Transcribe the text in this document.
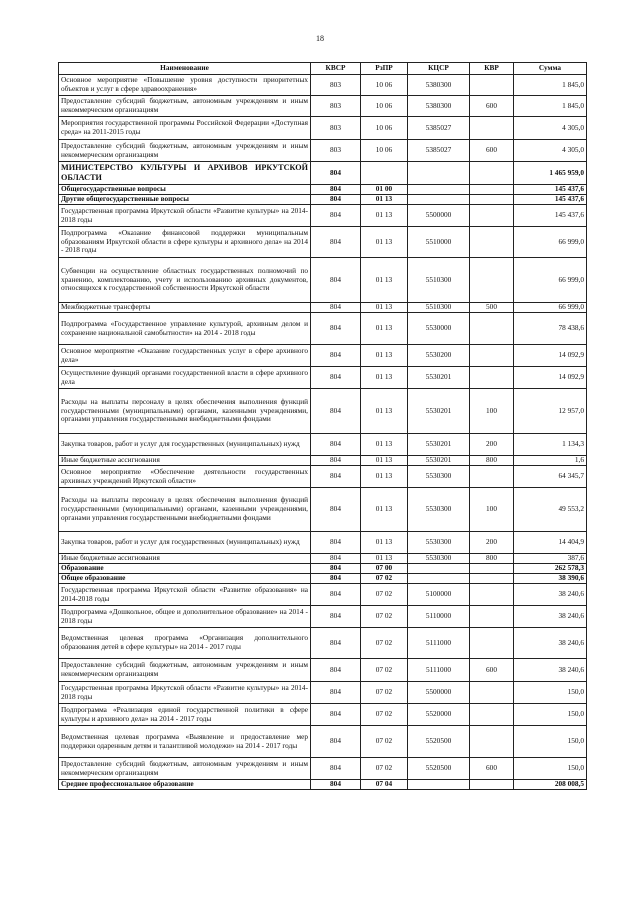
18
Наименование	КВСР	РзПР	КЦСР	КВР	Сумма
Основное мероприятие «Повышение уровня доступности приоритетных объектов и услуг в сфере здравоохранения»	803	10 06	5380300		1 845,0
Предоставление субсидий бюджетным, автономным учреждениям и иным некоммерческим организациям	803	10 06	5380300	600	1 845,0
Мероприятия государственной программы Российской Федерации «Доступная среда» на 2011-2015 годы	803	10 06	5385027		4 305,0
Предоставление субсидий бюджетным, автономным учреждениям и иным некоммерческим организациям	803	10 06	5385027	600	4 305,0
МИНИСТЕРСТВО КУЛЬТУРЫ И АРХИВОВ ИРКУТСКОЙ ОБЛАСТИ	804				1 465 959,0
Общегосударственные вопросы	804	01 00			145 437,6
Другие общегосударственные вопросы	804	01 13			145 437,6
Государственная программа Иркутской области «Развитие культуры» на 2014-2018 годы	804	01 13	5500000		145 437,6
Подпрограмма «Оказание финансовой поддержки муниципальным образованиям Иркутской области в сфере культуры и архивного дела» на 2014 - 2018 годы	804	01 13	5510000		66 999,0
Субвенции на осуществление областных государственных полномочий по хранению, комплектованию, учету и использованию архивных документов, относящихся к государственной собственности Иркутской области	804	01 13	5510300		66 999,0
Межбюджетные трансферты	804	01 13	5510300	500	66 999,0
Подпрограмма «Государственное управление культурой, архивным делом и сохранение национальной самобытности» на 2014 - 2018 годы	804	01 13	5530000		78 438,6
Основное мероприятие «Оказание государственных услуг в сфере архивного дела»	804	01 13	5530200		14 092,9
Осуществление функций органами государственной власти в сфере архивного дела	804	01 13	5530201		14 092,9
Расходы на выплаты персоналу в целях обеспечения выполнения функций государственными (муниципальными) органами, казенными учреждениями, органами управления государственными внебюджетными фондами	804	01 13	5530201	100	12 957,0
Закупка товаров, работ и услуг для государственных (муниципальных) нужд	804	01 13	5530201	200	1 134,3
Иные бюджетные ассигнования	804	01 13	5530201	800	1,6
Основное мероприятие «Обеспечение деятельности государственных архивных учреждений Иркутской области»	804	01 13	5530300		64 345,7
Расходы на выплаты персоналу в целях обеспечения выполнения функций государственными (муниципальными) органами, казенными учреждениями, органами управления государственными внебюджетными фондами	804	01 13	5530300	100	49 553,2
Закупка товаров, работ и услуг для государственных (муниципальных) нужд	804	01 13	5530300	200	14 404,9
Иные бюджетные ассигнования	804	01 13	5530300	800	387,6
Образование	804	07 00			262 578,3
Общее образование	804	07 02			38 390,6
Государственная программа Иркутской области «Развитие образования» на 2014-2018 годы	804	07 02	5100000		38 240,6
Подпрограмма «Дошкольное, общее и дополнительное образование» на 2014 - 2018 годы	804	07 02	5110000		38 240,6
Ведомственная целевая программа «Организация дополнительного образования детей в сфере культуры» на 2014 - 2017 годы	804	07 02	5111000		38 240,6
Предоставление субсидий бюджетным, автономным учреждениям и иным некоммерческим организациям	804	07 02	5111000	600	38 240,6
Государственная программа Иркутской области «Развитие культуры» на 2014-2018 годы	804	07 02	5500000		150,0
Подпрограмма «Реализация единой государственной политики в сфере культуры и архивного дела» на 2014 - 2017 годы	804	07 02	5520000		150,0
Ведомственная целевая программа «Выявление и предоставление мер поддержки одаренным детям и талантливой молодежи» на 2014 - 2017 годы	804	07 02	5520500		150,0
Предоставление субсидий бюджетным, автономным учреждениям и иным некоммерческим организациям	804	07 02	5520500	600	150,0
Среднее профессиональное образование	804	07 04			208 008,5
